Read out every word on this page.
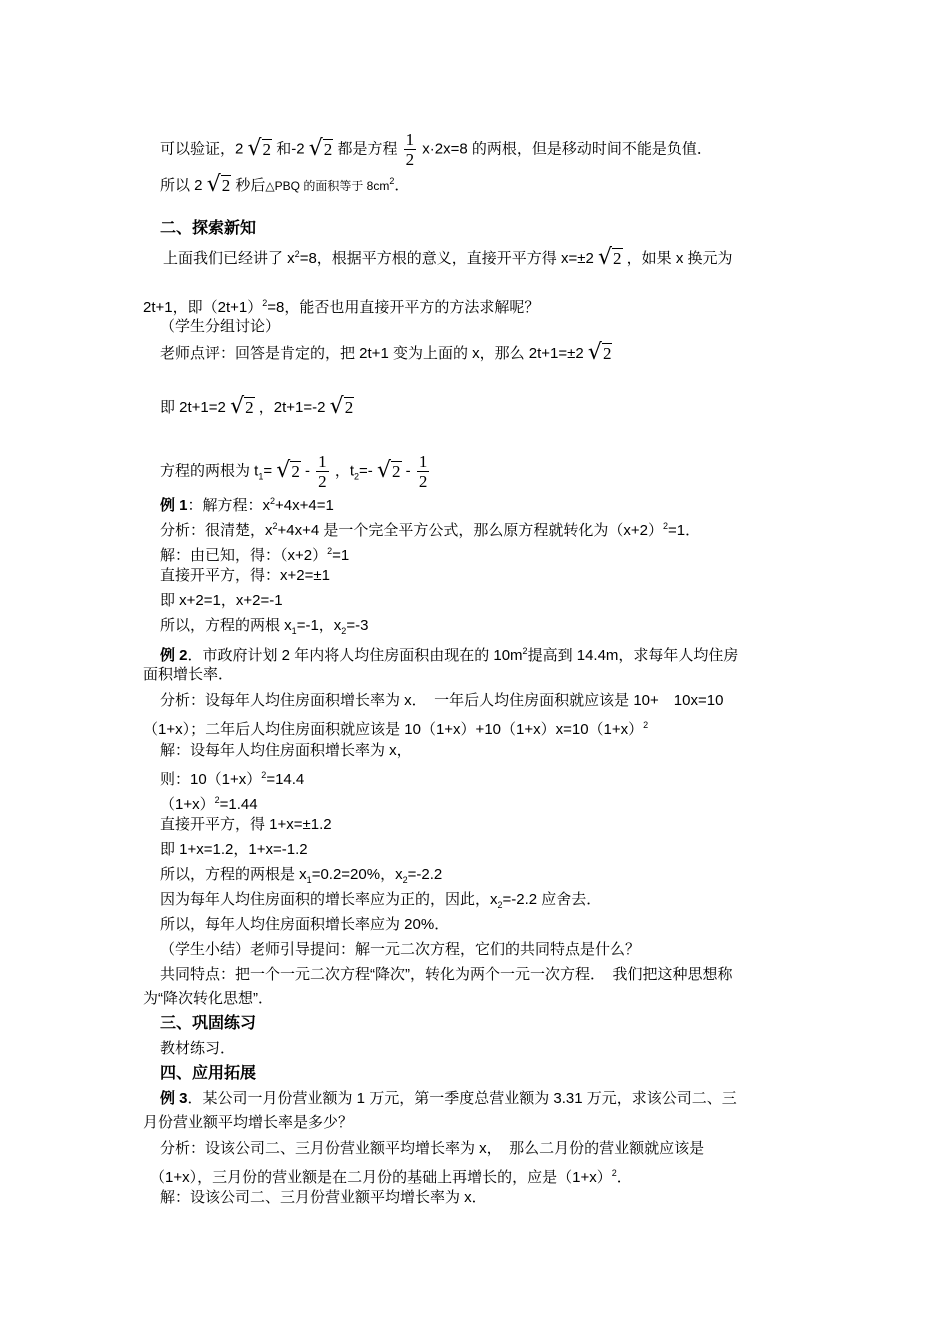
可以验证，2 √2 和-2 √2 都是方程 $\frac{1}{2} x\cdot 2x=8$ 的两根，但是移动时间不能是负值．
所以 2 √2 秒后△PBQ 的面积等于 $8cm^2$．
二、探索新知
上面我们已经讲了 $x^2=8$，根据平方根的意义，直接开平方得 x=±2 √2 ，如果 x 换元为
2t+1，即$(2t+1)^2=8$，能否也用直接开平方的方法求解呢？
（学生分组讨论）
老师点评：回答是肯定的，把 2t+1 变为上面的 x，那么 2t+1=±2 √2
即 2t+1=2 √2 ，2t+1=-2 √2
方程的两根为 $t_1= √2 - \frac{1}{2}$ ，$t_2=-$ $√2 - \frac{1}{2}$
例 1：解方程：$x^2+4x+4=1$
分析：很清楚，$x^2+4x+4$ 是一个完全平方公式，那么原方程就转化为$(x+2)^2=1$．
解：由已知，得：$(x+2)^2=1$
直接开平方，得：x+2=±1
即 x+2=1，x+2=-1
所以，方程的两根 $x_1=-1$，$x_2=-3$
例 2．市政府计划 2 年内将人均住房面积由现在的 $10m^2$提高到 14.4m，求每年人均住房
面积增长率．
分析：设每年人均住房面积增长率为 x．　一年后人均住房面积就应该是 10+　10x=10
（1+x）；二年后人均住房面积就应该是 $10(1+x)+10(1+x)x=10(1+x)^2$
解：设每年人均住房面积增长率为 x，
则：$10(1+x)^2=14.4$
$(1+x)^2=1.44$
直接开平方，得 1+x=±1.2
即 1+x=1.2，1+x=-1.2
所以，方程的两根是 $x_1=0.2=20\%$，$x_2=-2.2$
因为每年人均住房面积的增长率应为正的，因此，$x_2=-2.2$ 应舍去．
所以，每年人均住房面积增长率应为 20%．
（学生小结）老师引导提问：解一元二次方程，它们的共同特点是什么？
共同特点：把一个一元二次方程“降次”，转化为两个一元一次方程．　我们把这种思想称
为“降次转化思想”．
三、巩固练习
教材练习．
四、应用拓展
例 3．某公司一月份营业额为 1 万元，第一季度总营业额为 3.31 万元，求该公司二、三
月份营业额平均增长率是多少？
分析：设该公司二、三月份营业额平均增长率为 x，　那么二月份的营业额就应该是
（1+x），三月份的营业额是在二月份的基础上再增长的，应是$(1+x)^2$．
解：设该公司二、三月份营业额平均增长率为 x．
